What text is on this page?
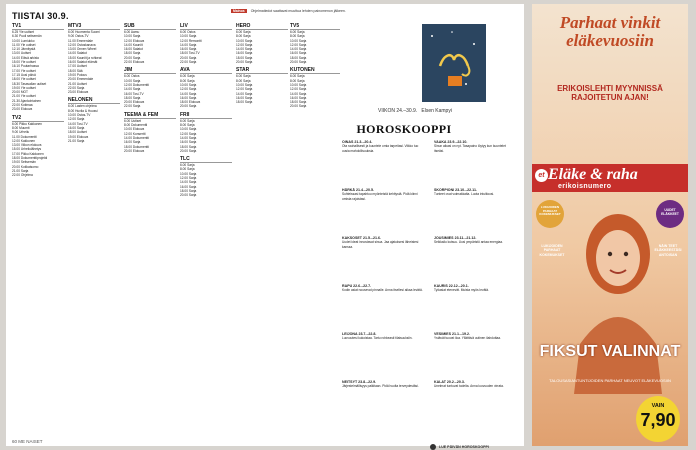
TIISTAI 30.9.	Mainos	Ohjelmatiedot saattavat muuttua lehden painomenon jälkeen.
TV1
6.25 Yle uutiset
6.30 Puoli seitsemän
10.00 Lumiukko
11.00 Yle uutiset
12.10 Jännitystä
13.00 Uutiset
14.00 Elävä arkisto
15.00 Yle uutiset
16.10 Puutarhassa
17.00 Yle uutiset
17.15 Uusi päivä
18.00 Yle uutiset
18.30 Tasavallan uutiset
19.00 Yle uutiset
20.00 MOT
21.00 Yle uutiset
21.30 Ajankohtainen
22.00 Kotimaa
23.00 Elokuva
TV2
6.00 Pikku Kakkonen
8.00 Muumit
9.00 Urheilu
11.00 Dokumentti
12.00 Kakkonen
13.00 Viikon elokuva
15.00 Urheilulähetys
17.00 Pikku Kakkonen
18.00 Dokumenttiprojekti
19.00 Seitsemän
20.00 Kotikatsomo
21.00 Sarja
22.00 Ohjelma
MTV3
6.00 Huomenta Suomi
9.00 Ostos-TV
11.00 Emmerdale
12.00 Ostoskanava
13.00 Onnen Wheel
14.00 Salatut
15.00 Kauniit ja rohkeat
16.00 Salatut elämät
17.00 Uutiset
18.00 Sää
19.00 Putous
20.00 Emmerdale
21.00 Uutiset
22.00 Sarja
23.00 Elokuva
NELONEN
6.00 Lasten ohjelma
8.00 Huvila & Huussi
10.00 Ostos-TV
12.00 Sarja
14.00 Tosi-TV
16.00 Sarja
18.00 Uutiset
19.00 Elokuva
21.00 Sarja
SUB
6.00 Aamu
10.00 Sarja
12.00 Elokuva
14.00 Kauniit
16.00 Salatut
18.00 Sarja
20.00 Sarja
22.00 Elokuva
JIM
6.00 Ostos
10.00 Sarja
12.00 Dokumentti
14.00 Sarja
16.00 Tosi-TV
18.00 Sarja
20.00 Elokuva
22.00 Sarja
TEEMA & FEM
6.00 Uutiset
8.00 Dokumentti
10.00 Elokuva
12.00 Konsertti
14.00 Dokumentti
16.00 Sarja
18.00 Dokumentti
20.00 Elokuva
LIV
6.00 Ostos
10.00 Sarja
12.00 Remontti
14.00 Sarja
16.00 Sarja
18.00 Tosi-TV
20.00 Sarja
22.00 Sarja
AVA
6.00 Sarja
8.00 Sarja
10.00 Sarja
12.00 Sarja
14.00 Sarja
16.00 Sarja
18.00 Elokuva
20.00 Sarja
FRII
6.00 Sarja
8.00 Sarja
10.00 Sarja
12.00 Sarja
14.00 Sarja
16.00 Sarja
18.00 Sarja
20.00 Sarja
TLC
6.00 Sarja
8.00 Sarja
10.00 Sarja
12.00 Sarja
14.00 Sarja
16.00 Sarja
18.00 Sarja
20.00 Sarja
HERO
6.00 Sarja
8.00 Sarja
10.00 Sarja
12.00 Sarja
14.00 Sarja
16.00 Sarja
18.00 Sarja
20.00 Sarja
STAR
6.00 Sarja
8.00 Sarja
10.00 Sarja
12.00 Sarja
14.00 Sarja
16.00 Sarja
18.00 Sarja
TV5
6.00 Sarja
8.00 Sarja
10.00 Sarja
12.00 Sarja
14.00 Sarja
16.00 Sarja
18.00 Sarja
20.00 Sarja
KUTONEN
6.00 Sarja
8.00 Sarja
10.00 Sarja
12.00 Sarja
14.00 Sarja
16.00 Sarja
18.00 Sarja
20.00 Sarja
VIIKON 24.–30.9. Elsen Kampyi
HOROSKOOPPI
OINAS 21.3.–20.4.
Ota rauhallisesti ja kuuntele omia tarpeitasi. Viikko tuo uusia mahdollisuuksia.
HÄRKÄ 21.4.–20.5.
Suhteissasi tapahtuu myönteistä kehitystä. Pidä kiinni omista rajoistasi.
KAKSOSET 21.5.–21.6.
Uudet ideat innostavat sinua. Jaa ajatuksesi läheistesi kanssa.
RAPU 22.6.–22.7.
Kodin asiat nousevat pinnalle. Anna itsellesi aikaa levätä.
LEIJONA 23.7.–22.8.
Luovuutesi kukoistaa. Tartu rohkeasti tilaisuuksiin.
NEITSYT 23.8.–22.9.
Järjestelmällisyys palkitaan. Pidä huolta terveydestäsi.
VAAKA 23.9.–22.10.
Sinun aikasi on nyt. Tasapaino löytyy kun kuuntelet itseäsi.
SKORPIONI 23.10.–22.11.
Tunteet ovat voimakkaita. Luota intuitioosi.
JOUSIMIES 23.11.–21.12.
Seikkailu kutsuu. Uusi ympäristö antaa energiaa.
KAURIS 22.12.–20.1.
Työasiat etenevät. Muista myös levätä.
VESIMIES 21.1.–19.2.
Ystävät tuovat iloa. Yllättävä uutinen ilahduttaa.
KALAT 20.2.–20.3.
Unelmat tuntuvat todelta. Anna luovuuden virrata.
LUE PÄIVÄN HOROSKOOPPI
60 ME NAISET
Parhaat vinkit eläkevuosiin
ERIKOISLEHTI MYYNNISSÄ RAJOITETUN AJAN!
et Eläke & raha
erikoisnumero
LUKIJOIDEN PARHAAT KOKEMUKSET
UUDET ELÄKKEET
LUKIJOIDEN PARHAAT KOKEMUKSET
NÄIN TEET ELÄKKEESTÄSI ANTOISAN
FIKSUT VALINNAT
TALOUSASIANTUNTIJOIDEN PARHAAT NEUVOT ELÄKEVUOSIIN
VAIN
7,90
